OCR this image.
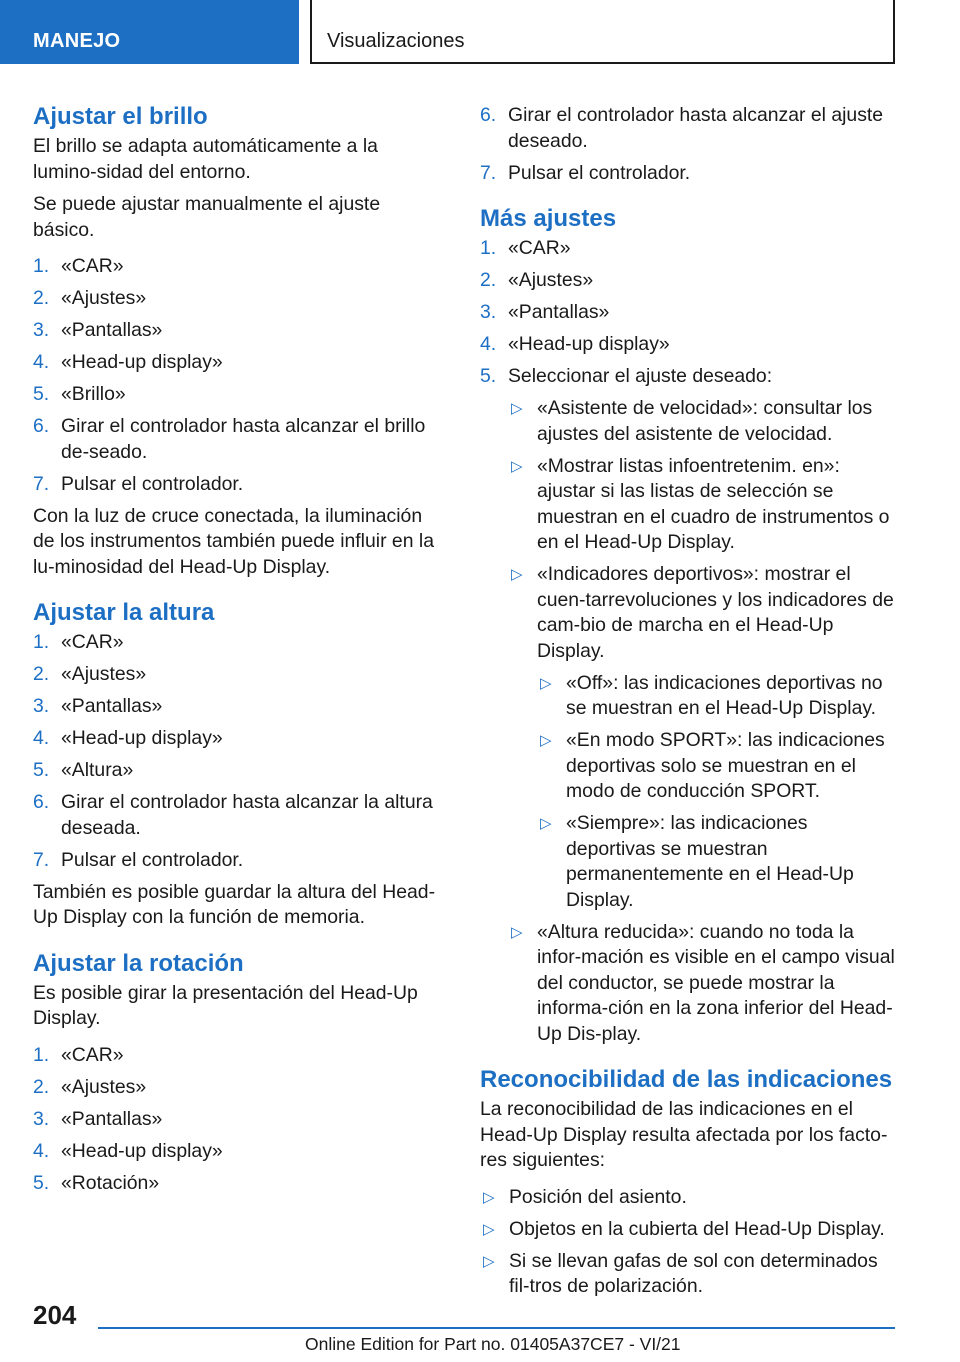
MANEJO	Visualizaciones
Ajustar el brillo

El brillo se adapta automáticamente a la lumino-sidad del entorno.

Se puede ajustar manualmente el ajuste básico.

1. «CAR»
2. «Ajustes»
3. «Pantallas»
4. «Head-up display»
5. «Brillo»
6. Girar el controlador hasta alcanzar el brillo de-seado.
7. Pulsar el controlador.

Con la luz de cruce conectada, la iluminación de los instrumentos también puede influir en la lu-minosidad del Head-Up Display.

Ajustar la altura
1. «CAR»
2. «Ajustes»
3. «Pantallas»
4. «Head-up display»
5. «Altura»
6. Girar el controlador hasta alcanzar la altura deseada.
7. Pulsar el controlador.

También es posible guardar la altura del Head-Up Display con la función de memoria.

Ajustar la rotación

Es posible girar la presentación del Head-Up Display.

1. «CAR»
2. «Ajustes»
3. «Pantallas»
4. «Head-up display»
5. «Rotación»
6. Girar el controlador hasta alcanzar el ajuste deseado.
7. Pulsar el controlador.
Más ajustes
1. «CAR»
2. «Ajustes»
3. «Pantallas»
4. «Head-up display»
5. Seleccionar el ajuste deseado:
▷ «Asistente de velocidad»: consultar los ajustes del asistente de velocidad.
▷ «Mostrar listas infoentretenim. en»: ajustar si las listas de selección se muestran en el cuadro de instrumentos o en el Head-Up Display.
▷ «Indicadores deportivos»: mostrar el cuen-tarrevoluciones y los indicadores de cam-bio de marcha en el Head-Up Display.
▷ «Off»: las indicaciones deportivas no se muestran en el Head-Up Display.
▷ «En modo SPORT»: las indicaciones deportivas solo se muestran en el modo de conducción SPORT.
▷ «Siempre»: las indicaciones deportivas se muestran permanentemente en el Head-Up Display.
▷ «Altura reducida»: cuando no toda la infor-mación es visible en el campo visual del conductor, se puede mostrar la informa-ción en la zona inferior del Head-Up Dis-play.
Reconocibilidad de las indicaciones

La reconocibilidad de las indicaciones en el Head-Up Display resulta afectada por los facto-res siguientes:

▷ Posición del asiento.
▷ Objetos en la cubierta del Head-Up Display.
▷ Si se llevan gafas de sol con determinados fil-tros de polarización.
204
Online Edition for Part no. 01405A37CE7 - VI/21
